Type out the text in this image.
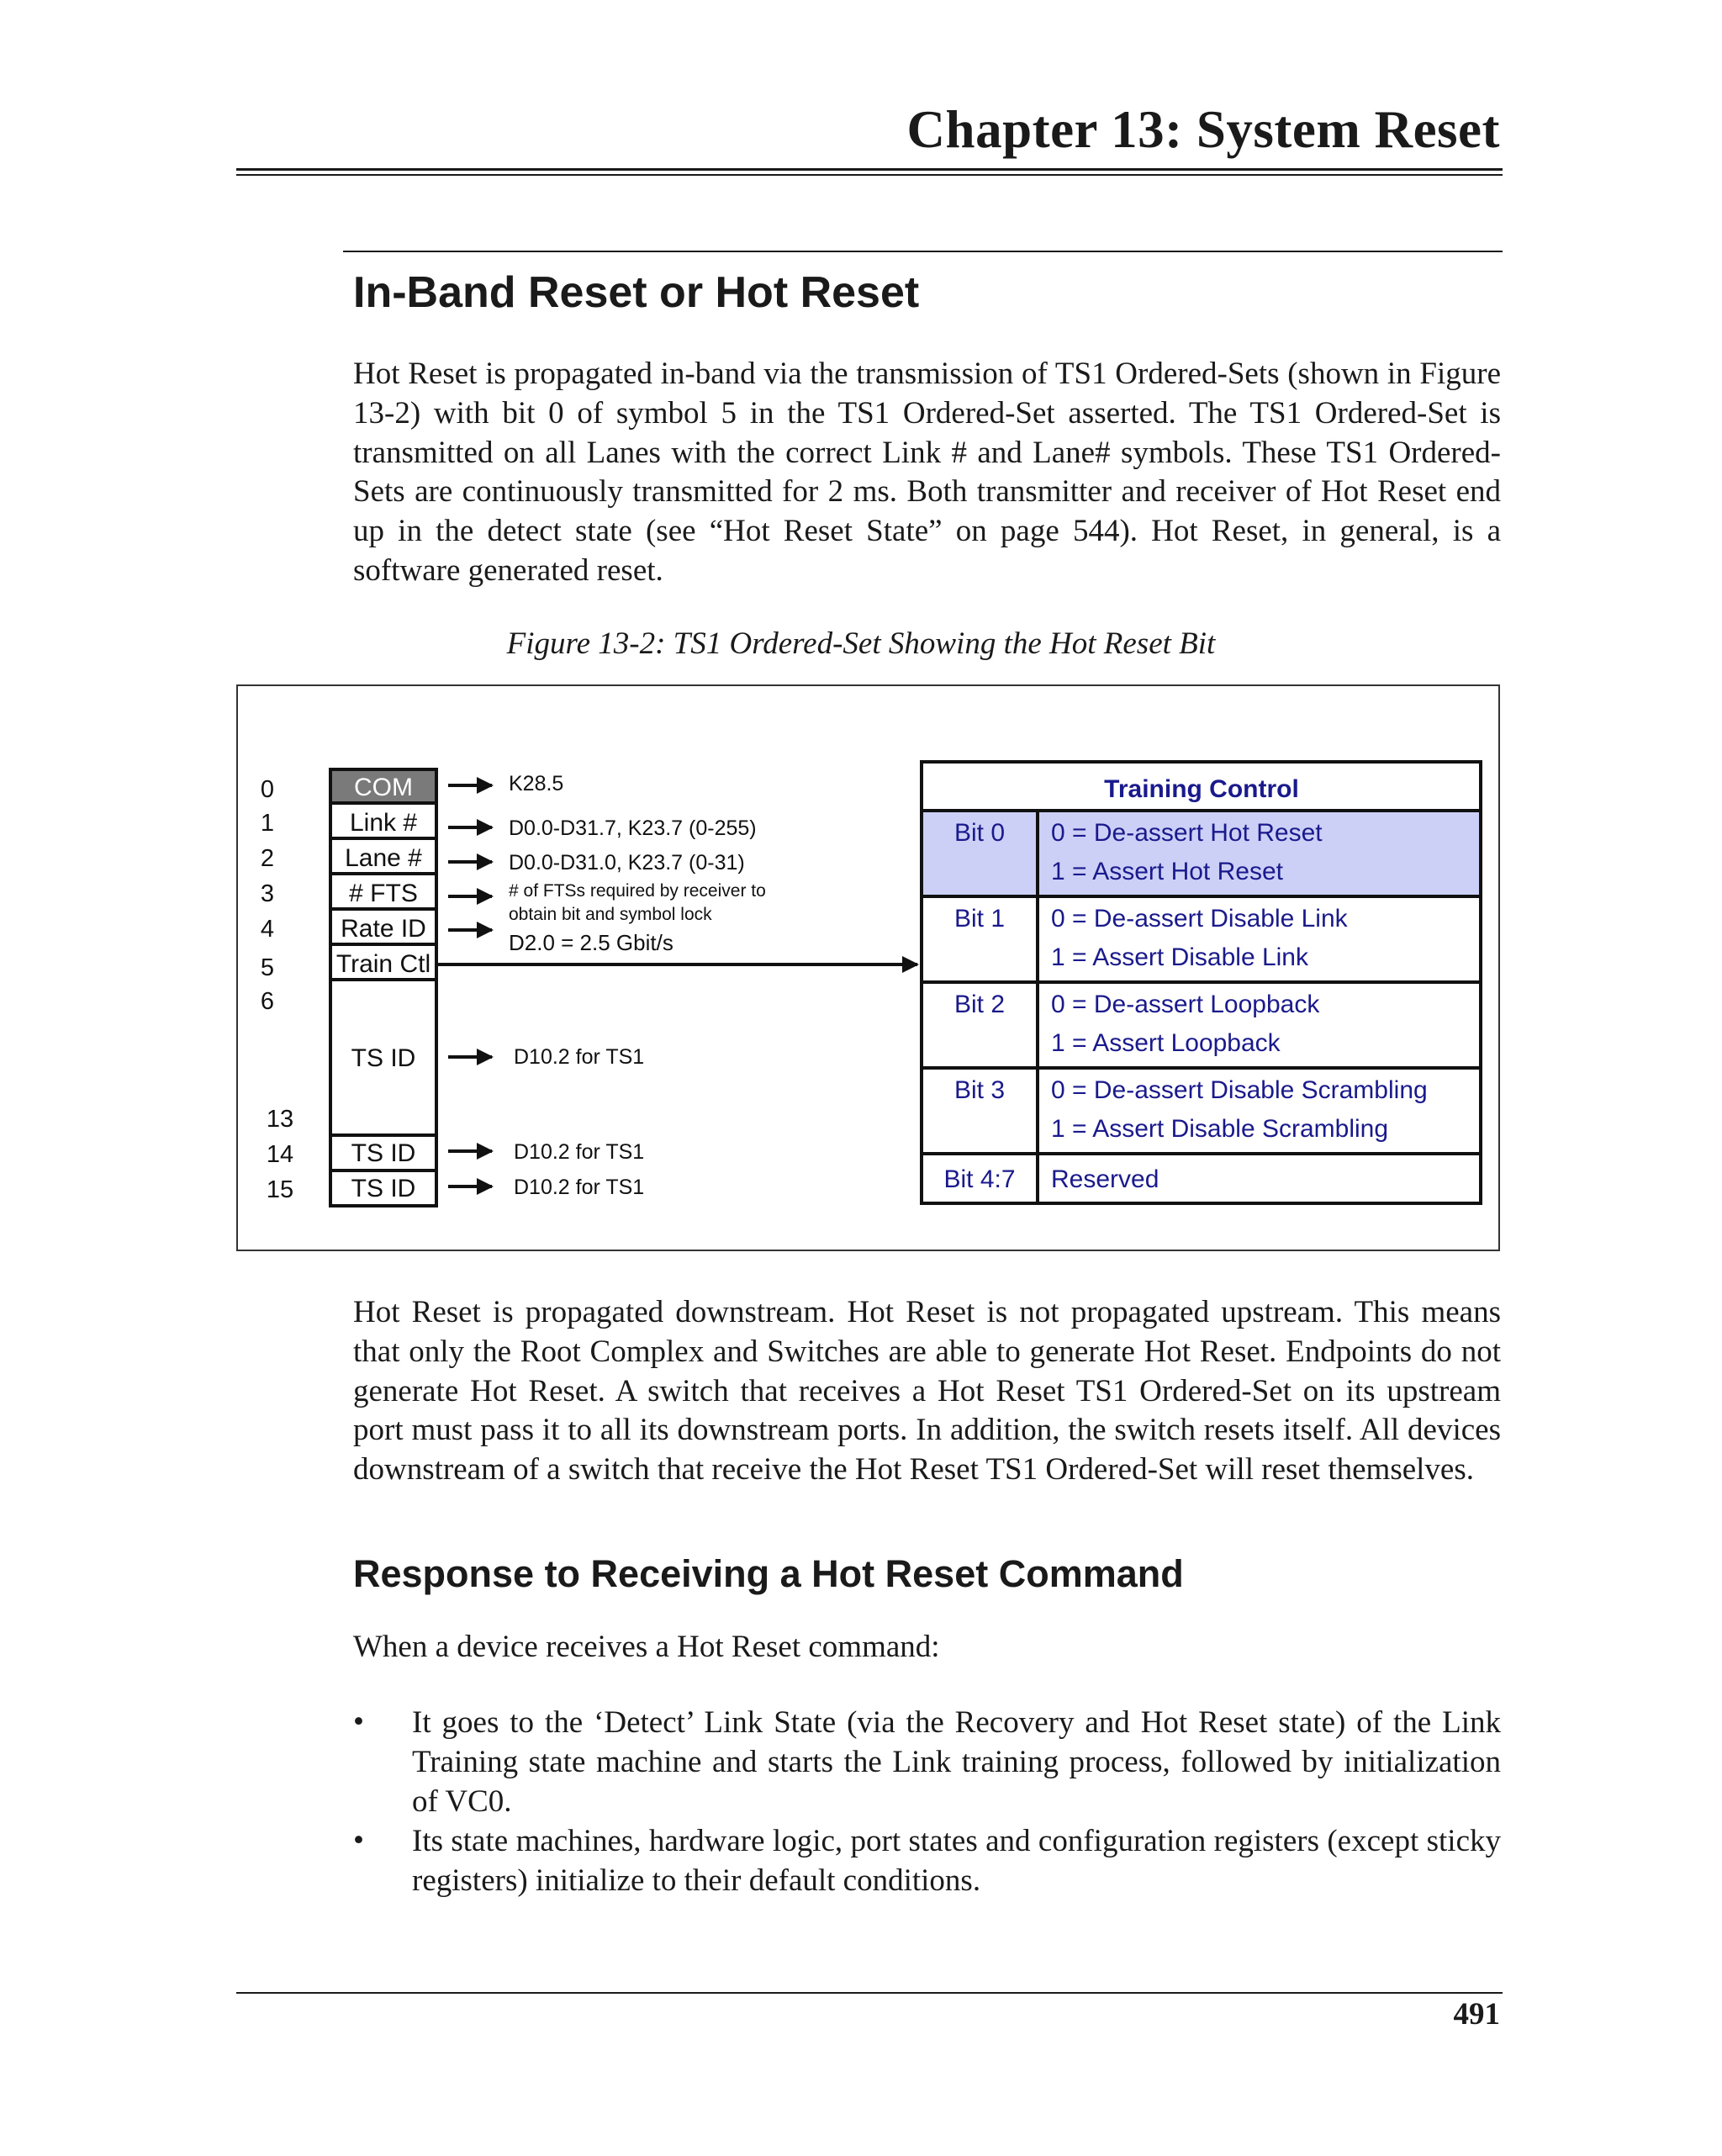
Chapter 13: System Reset
In-Band Reset or Hot Reset

Hot Reset is propagated in-band via the transmission of TS1 Ordered-Sets (shown in Figure 13-2) with bit 0 of symbol 5 in the TS1 Ordered-Set asserted. The TS1 Ordered-Set is transmitted on all Lanes with the correct Link # and Lane# symbols. These TS1 Ordered-Sets are continuously transmitted for 2 ms. Both transmitter and receiver of Hot Reset end up in the detect state (see “Hot Reset State” on page 544). Hot Reset, in general, is a software generated reset.

Figure 13-2: TS1 Ordered-Set Showing the Hot Reset Bit
0
1
2
3
4
5
6
13
14
15
COM
Link #
Lane #
# FTS
Rate ID
Train Ctl
TS ID
TS ID
TS ID
K28.5
D0.0-D31.7, K23.7 (0-255)
D0.0-D31.0, K23.7 (0-31)
# of FTSs required by receiver to
obtain bit and symbol lock
D2.0 = 2.5 Gbit/s
D10.2 for TS1
D10.2 for TS1
D10.2 for TS1
Training Control
Bit 0 0 = De-assert Hot Reset
1 = Assert Hot Reset
Bit 1 0 = De-assert Disable Link
1 = Assert Disable Link
Bit 2 0 = De-assert Loopback
1 = Assert Loopback
Bit 3 0 = De-assert Disable Scrambling
1 = Assert Disable Scrambling
Bit 4:7 Reserved

Hot Reset is propagated downstream. Hot Reset is not propagated upstream. This means that only the Root Complex and Switches are able to generate Hot Reset. Endpoints do not generate Hot Reset. A switch that receives a Hot Reset TS1 Ordered-Set on its upstream port must pass it to all its downstream ports. In addition, the switch resets itself. All devices downstream of a switch that receive the Hot Reset TS1 Ordered-Set will reset themselves.

Response to Receiving a Hot Reset Command

When a device receives a Hot Reset command:

• It goes to the ‘Detect’ Link State (via the Recovery and Hot Reset state) of the Link Training state machine and starts the Link training process, followed by initialization of VC0.

• Its state machines, hardware logic, port states and configuration registers (except sticky registers) initialize to their default conditions.

491
